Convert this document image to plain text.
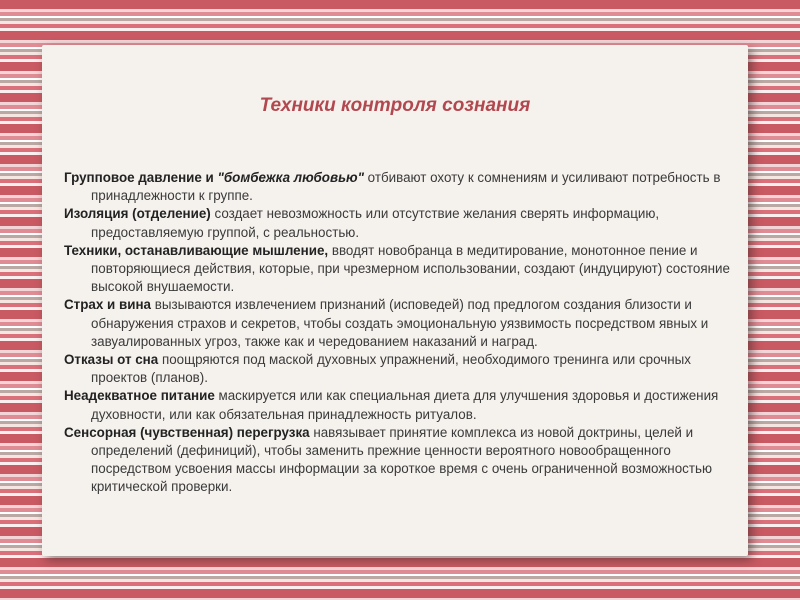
Техники контроля сознания

Групповое давление и "бомбежка любовью" отбивают охоту к сомнениям и усиливают потребность в принадлежности к группе.

Изоляция (отделение) создает невозможность или отсутствие желания сверять информацию, предоставляемую группой, с реальностью.

Техники, останавливающие мышление, вводят новобранца в медитирование, монотонное пение и повторяющиеся действия, которые, при чрезмерном использовании, создают (индуцируют) состояние высокой внушаемости.

Страх и вина вызываются извлечением признаний (исповедей) под предлогом создания близости и обнаружения страхов и секретов, чтобы создать эмоциональную уязвимость посредством явных и завуалированных угроз, также как и чередованием наказаний и наград.

Отказы от сна поощряются под маской духовных упражнений, необходимого тренинга или срочных проектов (планов).

Неадекватное питание маскируется или как специальная диета для улучшения здоровья и достижения духовности, или как обязательная принадлежность ритуалов.

Сенсорная (чувственная) перегрузка навязывает принятие комплекса из новой доктрины, целей и определений (дефиниций), чтобы заменить прежние ценности вероятного новообращенного посредством усвоения массы информации за короткое время с очень ограниченной возможностью критической проверки.
